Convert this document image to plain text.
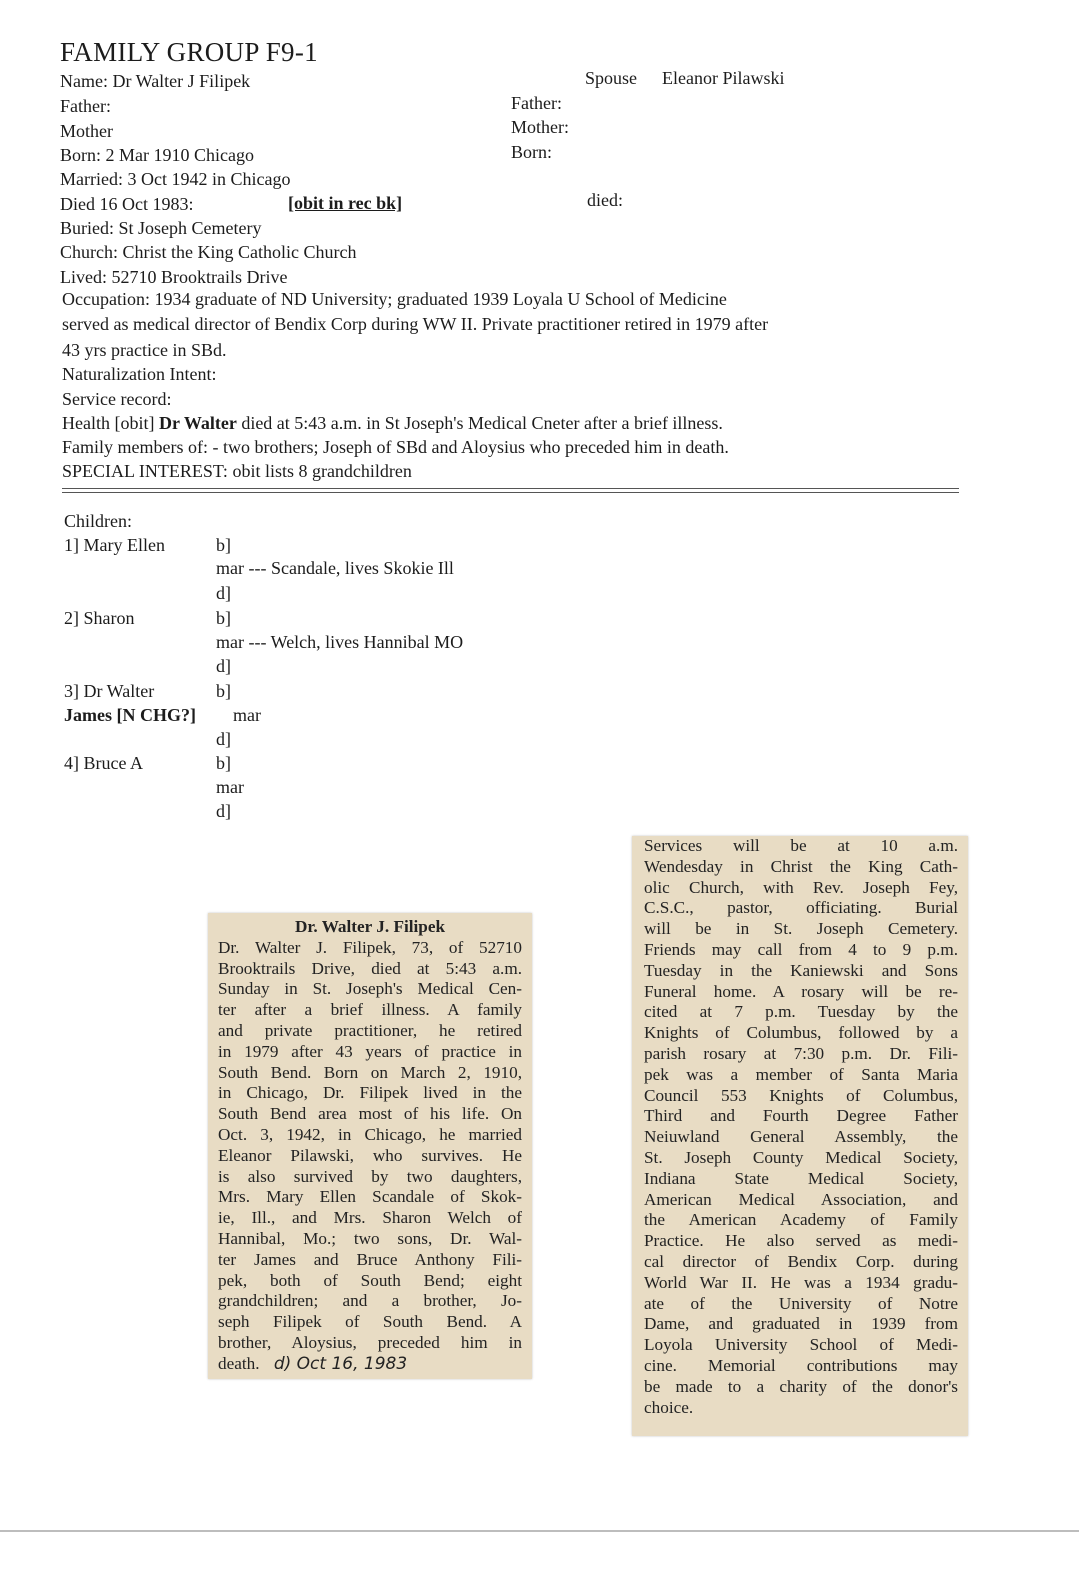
FAMILY GROUP F9-1
Name: Dr Walter J Filipek	Spouse Eleanor Pilawski
Father:	Father:
Mother	Mother:
Born: 2 Mar 1910 Chicago	Born:
Married: 3 Oct 1942 in Chicago
Died 16 Oct 1983:	[obit in rec bk]	died:
Buried: St Joseph Cemetery
Church: Christ the King Catholic Church
Lived: 52710 Brooktrails Drive
Occupation: 1934 graduate of ND University; graduated 1939 Loyala U School of Medicine
served as medical director of Bendix Corp during WW II. Private practitioner retired in 1979 after
43 yrs practice in SBd.
Naturalization Intent:
Service record:
Health [obit] Dr Walter died at 5:43 a.m. in St Joseph's Medical Cneter after a brief illness.
Family members of: - two brothers; Joseph of SBd and Aloysius who preceded him in death.
SPECIAL INTEREST: obit lists 8 grandchildren
Children:
1] Mary Ellen	b]
mar --- Scandale, lives Skokie Ill
d]
2] Sharon	b]
mar --- Welch, lives Hannibal MO
d]
3] Dr Walter	b]
James [N CHG?] mar
d]
4] Bruce A	b]
mar
d]
Dr. Walter J. Filipek
Dr. Walter J. Filipek, 73, of 52710
Brooktrails Drive, died at 5:43 a.m.
Sunday in St. Joseph's Medical Cen-
ter after a brief illness. A family
and private practitioner, he retired
in 1979 after 43 years of practice in
South Bend. Born on March 2, 1910,
in Chicago, Dr. Filipek lived in the
South Bend area most of his life. On
Oct. 3, 1942, in Chicago, he married
Eleanor Pilawski, who survives. He
is also survived by two daughters,
Mrs. Mary Ellen Scandale of Skok-
ie, Ill., and Mrs. Sharon Welch of
Hannibal, Mo.; two sons, Dr. Wal-
ter James and Bruce Anthony Fili-
pek, both of South Bend; eight
grandchildren; and a brother, Jo-
seph Filipek of South Bend. A
brother, Aloysius, preceded him in
death. d) Oct 16, 1983
Services will be at 10 a.m.
Wendesday in Christ the King Cath-
olic Church, with Rev. Joseph Fey,
C.S.C., pastor, officiating. Burial
will be in St. Joseph Cemetery.
Friends may call from 4 to 9 p.m.
Tuesday in the Kaniewski and Sons
Funeral home. A rosary will be re-
cited at 7 p.m. Tuesday by the
Knights of Columbus, followed by a
parish rosary at 7:30 p.m. Dr. Fili-
pek was a member of Santa Maria
Council 553 Knights of Columbus,
Third and Fourth Degree Father
Neiuwland General Assembly, the
St. Joseph County Medical Society,
Indiana State Medical Society,
American Medical Association, and
the American Academy of Family
Practice. He also served as medi-
cal director of Bendix Corp. during
World War II. He was a 1934 gradu-
ate of the University of Notre
Dame, and graduated in 1939 from
Loyola University School of Medi-
cine. Memorial contributions may
be made to a charity of the donor's
choice.
